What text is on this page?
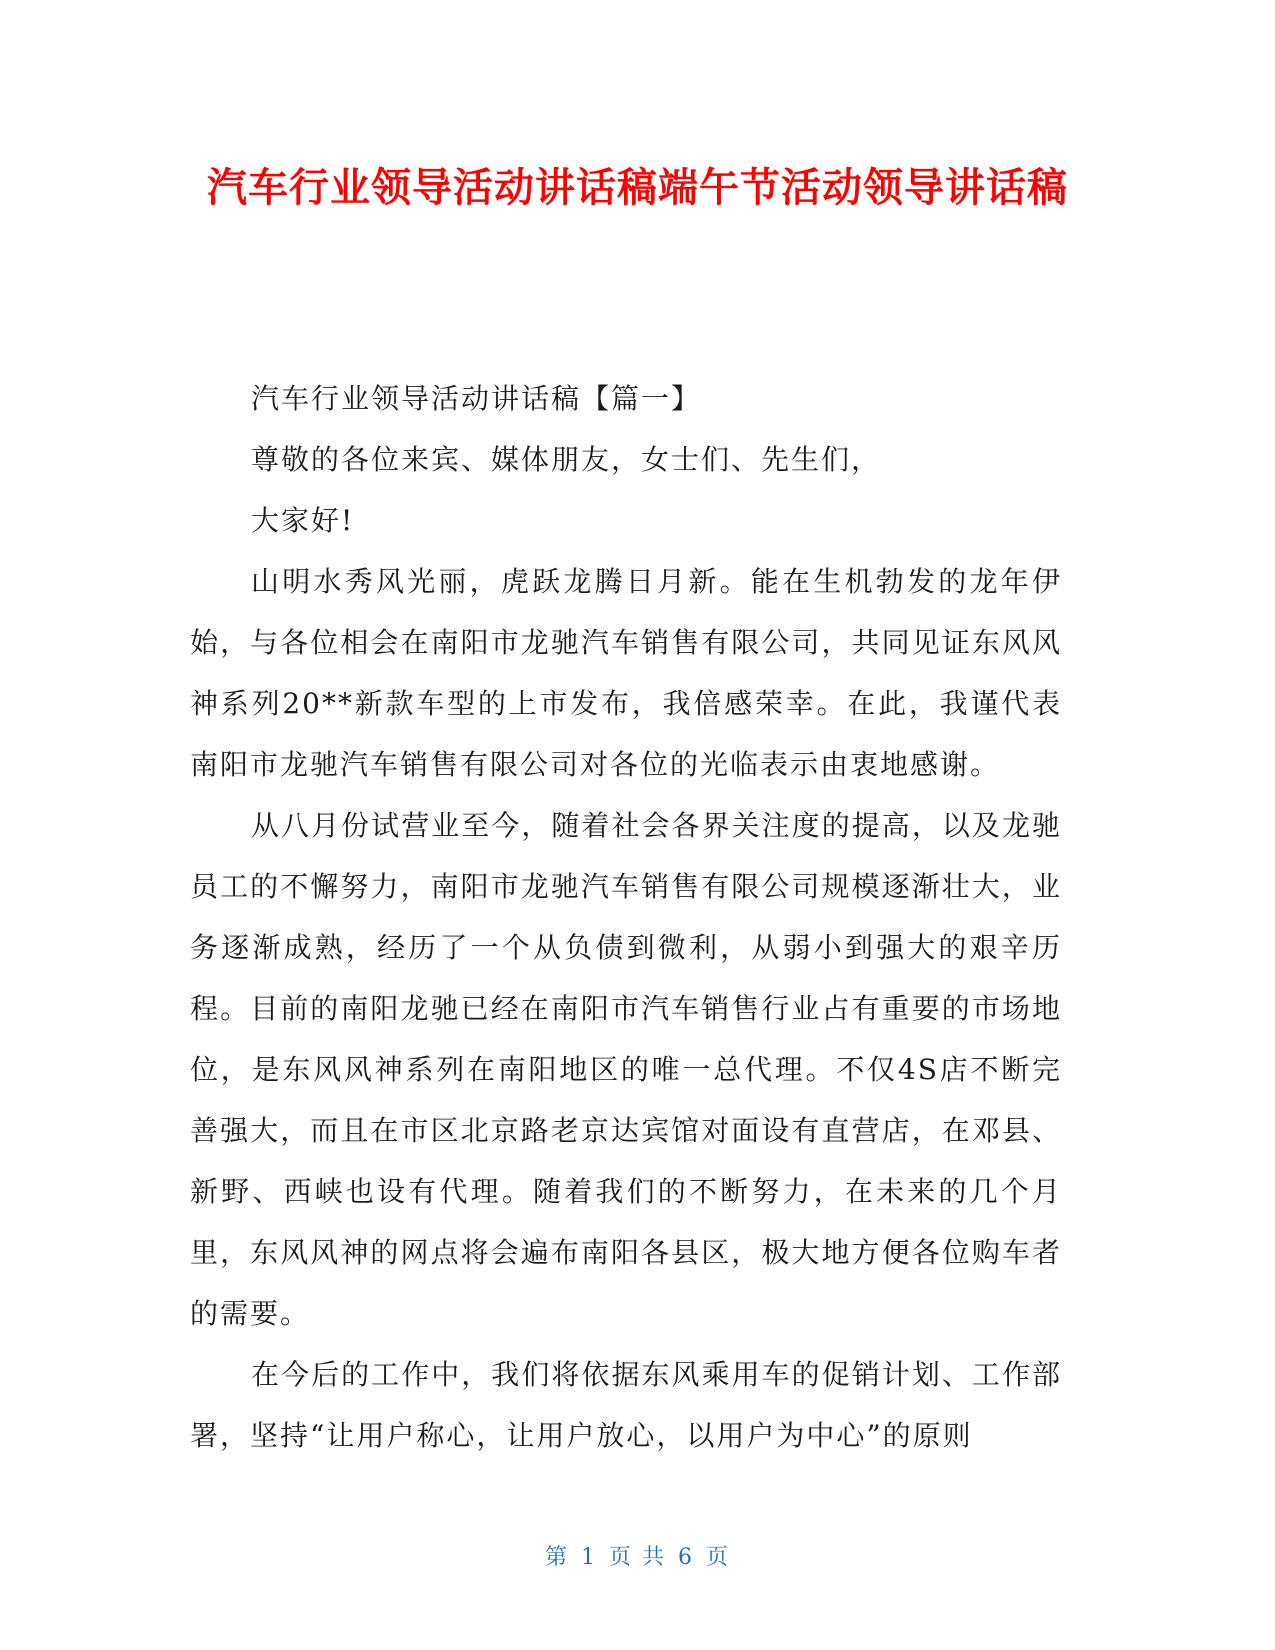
汽车行业领导活动讲话稿端午节活动领导讲话稿

汽车行业领导活动讲话稿【篇一】

尊敬的各位来宾、媒体朋友，女士们、先生们，

大家好!

山明水秀风光丽，虎跃龙腾日月新。能在生机勃发的龙年伊始，与各位相会在南阳市龙驰汽车销售有限公司，共同见证东风风神系列20**新款车型的上市发布，我倍感荣幸。在此，我谨代表南阳市龙驰汽车销售有限公司对各位的光临表示由衷地感谢。

从八月份试营业至今，随着社会各界关注度的提高，以及龙驰员工的不懈努力，南阳市龙驰汽车销售有限公司规模逐渐壮大，业务逐渐成熟，经历了一个从负债到微利，从弱小到强大的艰辛历程。目前的南阳龙驰已经在南阳市汽车销售行业占有重要的市场地位，是东风风神系列在南阳地区的唯一总代理。不仅4S店不断完善强大，而且在市区北京路老京达宾馆对面设有直营店，在邓县、新野、西峡也设有代理。随着我们的不断努力，在未来的几个月里，东风风神的网点将会遍布南阳各县区，极大地方便各位购车者的需要。

在今后的工作中，我们将依据东风乘用车的促销计划、工作部署，坚持“让用户称心，让用户放心，以用户为中心”的原则

第 1 页 共 6 页
